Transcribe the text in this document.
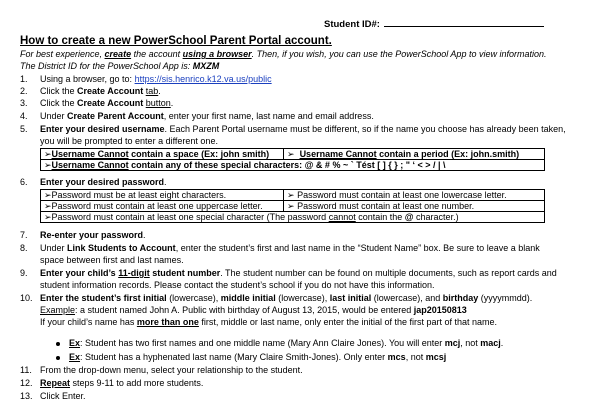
Student ID#:
How to create a new PowerSchool Parent Portal account.
For best experience, create the account using a browser. Then, if you wish, you can use the PowerSchool App to view information.
The District ID for the PowerSchool App is: MXZM
1. Using a browser, go to: https://sis.henrico.k12.va.us/public
2. Click the Create Account tab.
3. Click the Create Account button.
4. Under Create Parent Account, enter your first name, last name and email address.
5. Enter your desired username. Each Parent Portal username must be different, so if the name you choose has already been taken,
you will be prompted to enter a different one.
➢Username Cannot contain a space (Ex: john smith)	➢ Username Cannot contain a period (Ex: john.smith)
➢Username Cannot contain any of these special characters: @ & # % ~ ` Tést [ ] { } ; " ‘ < > / | \
6. Enter your desired password.
➢Password must be at least eight characters.	➢ Password must contain at least one lowercase letter.
➢Password must contain at least one uppercase letter.	➢ Password must contain at least one number.
➢Password must contain at least one special character (The password cannot contain the @ character.)	
7. Re-enter your password.
8. Under Link Students to Account, enter the student’s first and last name in the “Student Name” box. Be sure to leave a blank
space between first and last names.
9. Enter your child’s 11-digit student number. The student number can be found on multiple documents, such as report cards and
student information records. Please contact the student’s school if you do not have this information.
10. Enter the student’s first initial (lowercase), middle initial (lowercase), last initial (lowercase), and birthday (yyyymmdd).
Example: a student named John A. Public with birthday of August 13, 2015, would be entered jap20150813
If your child’s name has more than one first, middle or last name, only enter the initial of the first part of that name.
Ex: Student has two first names and one middle name (Mary Ann Claire Jones). You will enter mcj, not macj.
Ex: Student has a hyphenated last name (Mary Claire Smith-Jones). Only enter mcs, not mcsj
11. From the drop-down menu, select your relationship to the student.
12. Repeat steps 9-11 to add more students.
13. Click Enter.
